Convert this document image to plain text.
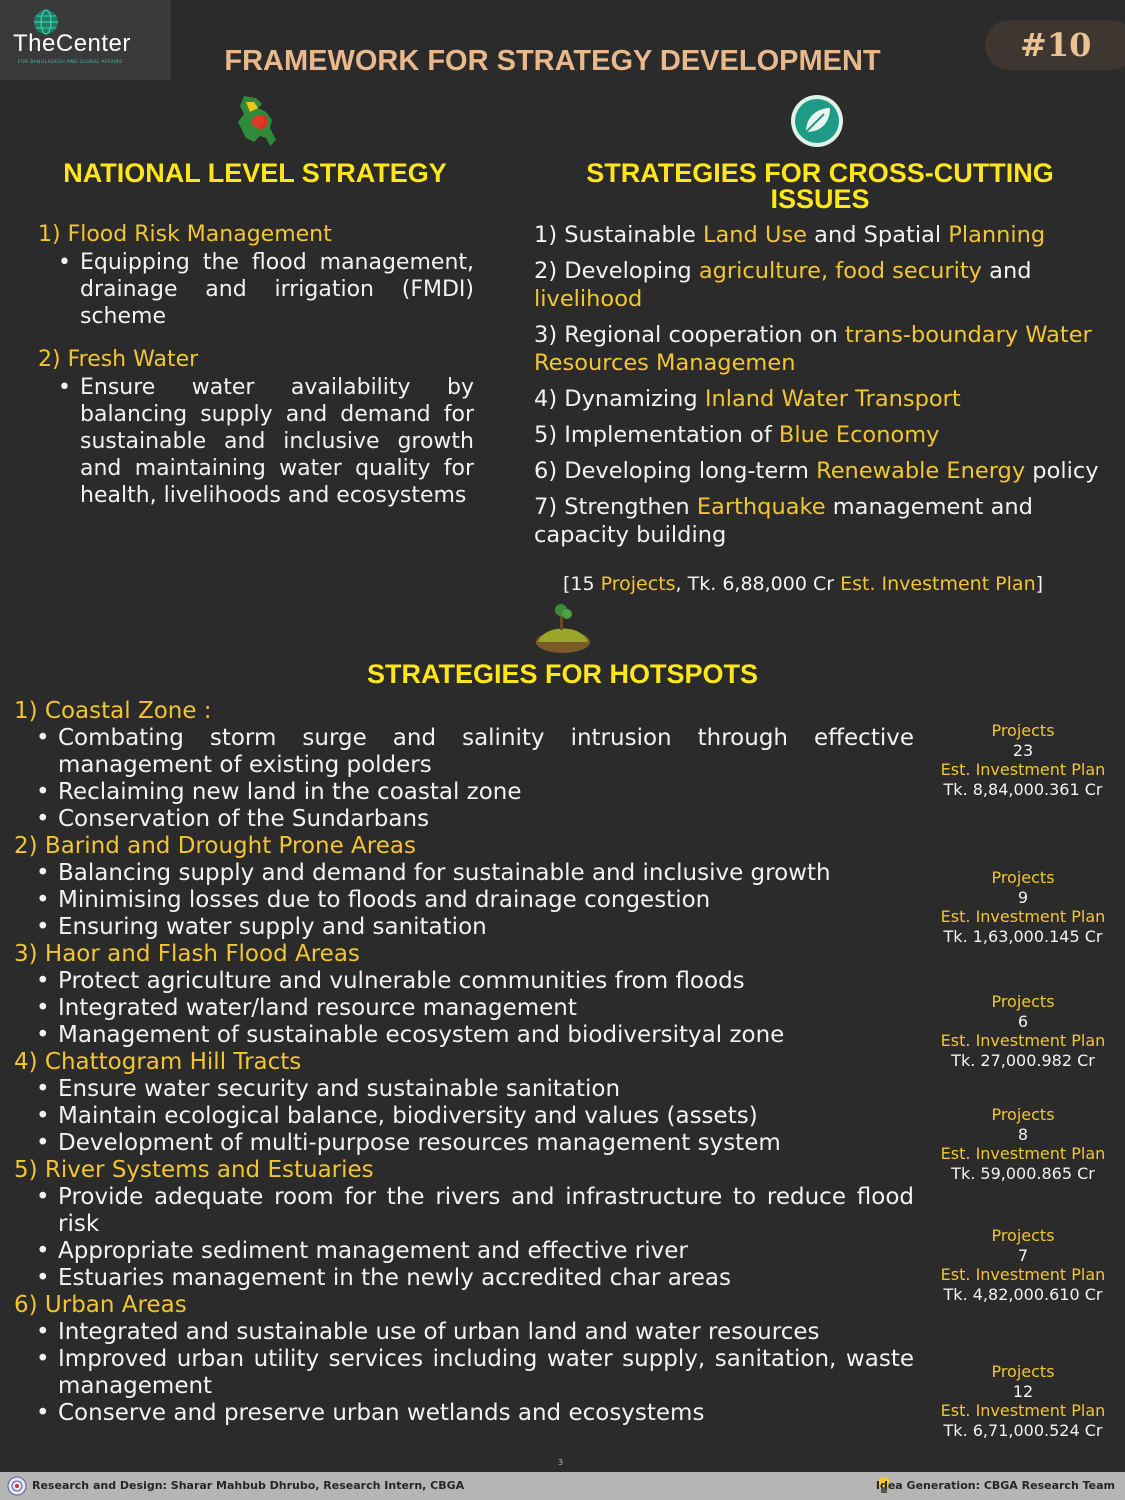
TheCenter
FOR BANGLADESH AND GLOBAL AFFAIRS	FRAMEWORK FOR STRATEGY DEVELOPMENT	#10
NATIONAL LEVEL STRATEGY
1) Flood Risk Management
• Equipping the flood management, drainage and irrigation (FMDI) scheme
2) Fresh Water
• Ensure water availability by balancing supply and demand for sustainable and inclusive growth and maintaining water quality for health, livelihoods and ecosystems
STRATEGIES FOR CROSS-CUTTING ISSUES
1) Sustainable Land Use and Spatial Planning
2) Developing agriculture, food security and livelihood
3) Regional cooperation on trans-boundary Water Resources Managemen
4) Dynamizing Inland Water Transport
5) Implementation of Blue Economy
6) Developing long-term Renewable Energy policy
7) Strengthen Earthquake management and capacity building
[15 Projects, Tk. 6,88,000 Cr Est. Investment Plan]
STRATEGIES FOR HOTSPOTS
1) Coastal Zone :
• Combating storm surge and salinity intrusion through effective management of existing polders
• Reclaiming new land in the coastal zone
• Conservation of the Sundarbans
2) Barind and Drought Prone Areas
• Balancing supply and demand for sustainable and inclusive growth
• Minimising losses due to floods and drainage congestion
• Ensuring water supply and sanitation
3) Haor and Flash Flood Areas
• Protect agriculture and vulnerable communities from floods
• Integrated water/land resource management
• Management of sustainable ecosystem and biodiversityal zone
4) Chattogram Hill Tracts
• Ensure water security and sustainable sanitation
• Maintain ecological balance, biodiversity and values (assets)
• Development of multi-purpose resources management system
5) River Systems and Estuaries
• Provide adequate room for the rivers and infrastructure to reduce flood risk
• Appropriate sediment management and effective river
• Estuaries management in the newly accredited char areas
6) Urban Areas
• Integrated and sustainable use of urban land and water resources
• Improved urban utility services including water supply, sanitation, waste management
• Conserve and preserve urban wetlands and ecosystems
Projects
23
Est. Investment Plan
Tk. 8,84,000.361 Cr
Projects
9
Est. Investment Plan
Tk. 1,63,000.145 Cr
Projects
6
Est. Investment Plan
Tk. 27,000.982 Cr
Projects
8
Est. Investment Plan
Tk. 59,000.865 Cr
Projects
7
Est. Investment Plan
Tk. 4,82,000.610 Cr
Projects
12
Est. Investment Plan
Tk. 6,71,000.524 Cr
3
Research and Design: Sharar Mahbub Dhrubo, Research Intern, CBGA	Idea Generation: CBGA Research Team
